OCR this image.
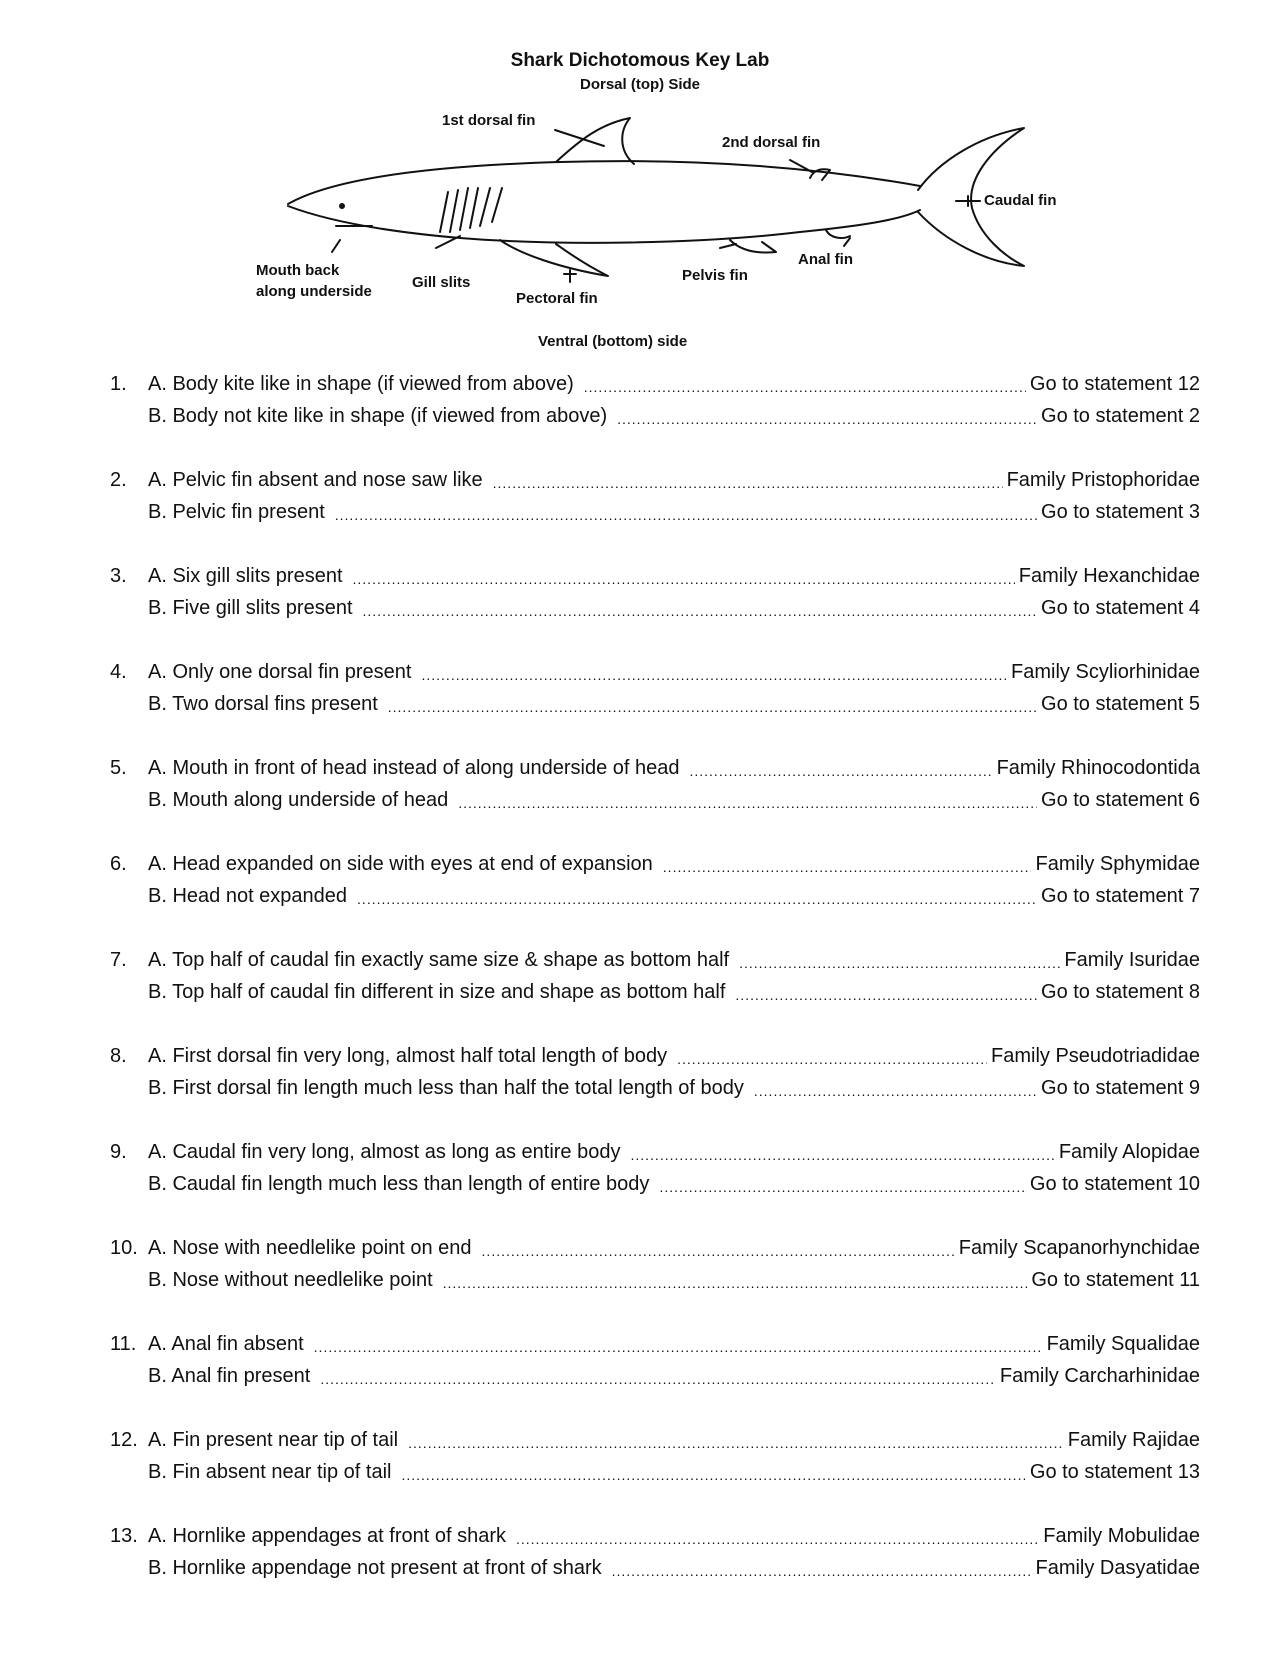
Shark Dichotomous Key Lab
Dorsal (top) Side
1st dorsal fin
2nd dorsal fin
Caudal fin
Mouth back
along underside
Gill slits
Pectoral fin
Pelvis fin
Anal fin
Ventral (bottom) side
1.	A. Body kite like in shape (if viewed from above) .....	Go to statement 12
B. Body not kite like in shape (if viewed from above) .....	Go to statement 2
2.	A. Pelvic fin absent and nose saw like .....	Family Pristophoridae
B. Pelvic fin present .....	Go to statement 3
3.	A. Six gill slits present .....	Family Hexanchidae
B. Five gill slits present .....	Go to statement 4
4.	A. Only one dorsal fin present .....	Family Scyliorhinidae
B. Two dorsal fins present .....	Go to statement 5
5.	A. Mouth in front of head instead of along underside of head .....	Family Rhinocodontida
B. Mouth along underside of head .....	Go to statement 6
6.	A. Head expanded on side with eyes at end of expansion .....	Family Sphymidae
B. Head not expanded .....	Go to statement 7
7.	A. Top half of caudal fin exactly same size & shape as bottom half .....	Family Isuridae
B. Top half of caudal fin different in size and shape as bottom half .....	Go to statement 8
8.	A. First dorsal fin very long, almost half total length of body .....	Family Pseudotriadidae
B. First dorsal fin length much less than half the total length of body .....	Go to statement 9
9.	A. Caudal fin very long, almost as long as entire body .....	Family Alopidae
B. Caudal fin length much less than length of entire body .....	Go to statement 10
10. A. Nose with needlelike point on end .....	Family Scapanorhynchidae
B. Nose without needlelike point .....	Go to statement 11
11. A. Anal fin absent .....	Family Squalidae
B. Anal fin present .....	Family Carcharhinidae
12. A. Fin present near tip of tail .....	Family Rajidae
B. Fin absent near tip of tail .....	Go to statement 13
13. A. Hornlike appendages at front of shark .....	Family Mobulidae
B. Hornlike appendage not present at front of shark .....	Family Dasyatidae
